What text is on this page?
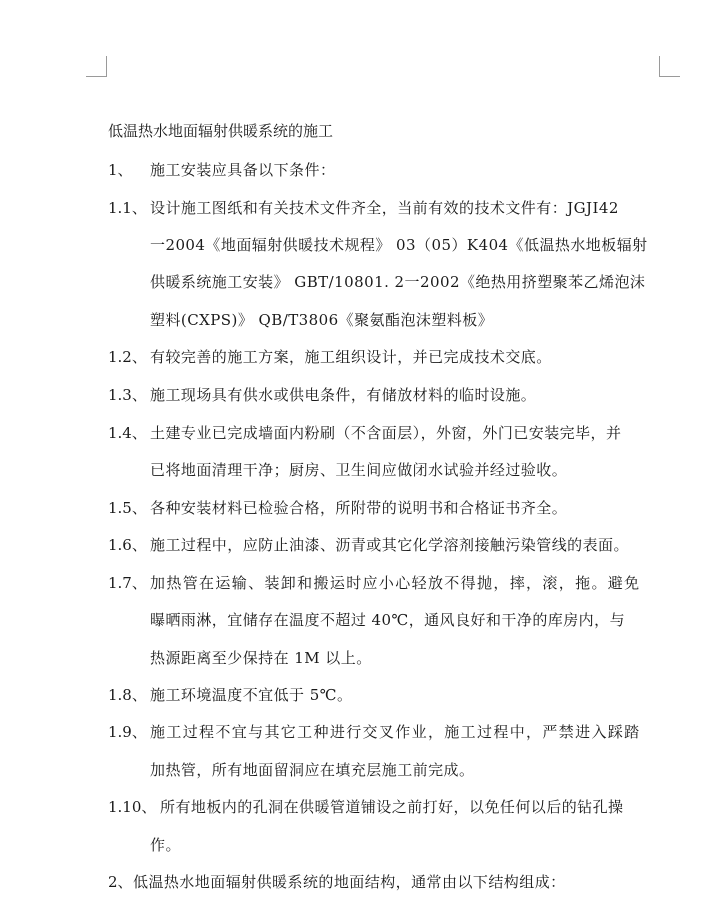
低温热水地面辐射供暖系统的施工
1、 施工安装应具备以下条件：
1.1、 设计施工图纸和有关技术文件齐全，当前有效的技术文件有：JGJI42
一2004《地面辐射供暖技术规程》 03（05）K404《低温热水地板辐射
供暖系统施工安装》 GBT/10801. 2一2002《绝热用挤塑聚苯乙烯泡沫
塑料(CXPS)》 QB/T3806《聚氨酯泡沫塑料板》
1.2、 有较完善的施工方案，施工组织设计，并已完成技术交底。
1.3、 施工现场具有供水或供电条件，有储放材料的临时设施。
1.4、 土建专业已完成墙面内粉刷（不含面层），外窗，外门已安装完毕，并
已将地面清理干净；厨房、卫生间应做闭水试验并经过验收。
1.5、 各种安装材料已检验合格，所附带的说明书和合格证书齐全。
1.6、 施工过程中，应防止油漆、沥青或其它化学溶剂接触污染管线的表面。
1.7、 加热管在运输、装卸和搬运时应小心轻放不得抛，摔，滚，拖。避免
曝晒雨淋，宜储存在温度不超过 40℃，通风良好和干净的库房内，与
热源距离至少保持在 1M 以上。
1.8、 施工环境温度不宜低于 5℃。
1.9、 施工过程不宜与其它工种进行交叉作业，施工过程中，严禁进入踩踏
加热管，所有地面留洞应在填充层施工前完成。
1.10、 所有地板内的孔洞在供暖管道铺设之前打好，以免任何以后的钻孔操
作。
2、 低温热水地面辐射供暖系统的地面结构，通常由以下结构组成：
